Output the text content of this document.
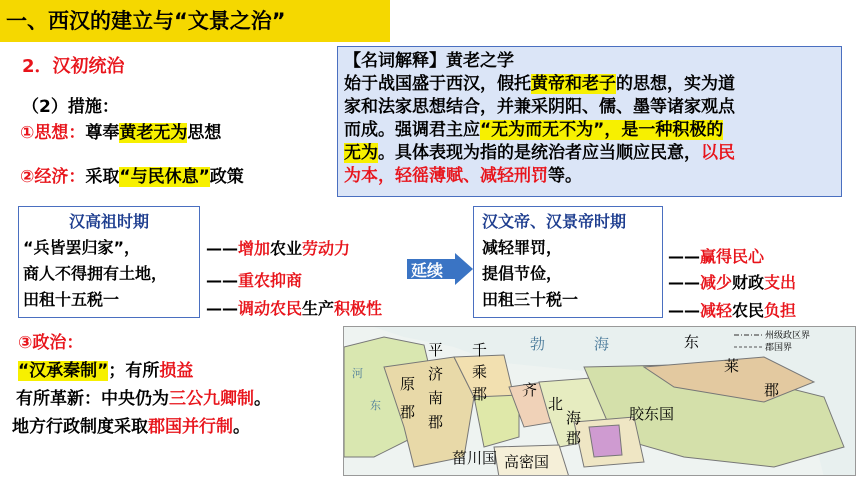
一、西汉的建立与“文景之治”
2．汉初统治
（2）措施：
①思想：尊奉黄老无为思想
②经济：采取“与民休息”政策
【名词解释】黄老之学
始于战国盛于西汉，假托黄帝和老子的思想，实为道
家和法家思想结合，并兼采阴阳、儒、墨等诸家观点
而成。强调君主应“无为而无不为”，是一种积极的
无为。具体表现为指的是统治者应当顺应民意，以民
为本，轻徭薄赋、减轻刑罚等。
汉高祖时期
“兵皆罢归家”，
商人不得拥有土地，
田租十五税一
——增加农业劳动力
——重农抑商
——调动农民生产积极性
延续
汉文帝、汉景帝时期
减轻罪罚，
提倡节俭，
田租三十税一
——赢得民心
——减少财政支出
——减轻农民负担
③政治：
“汉承秦制”；有所损益
有所革新：中央仍为三公九卿制。
地方行政制度采取郡国并行制。
州级政区界
郡国界
平
原
郡
济
南
郡
千
乘
郡 齐
北
海
郡
东
莱
郡
胶东国
菑川国 高密国
勃	海
河
东
